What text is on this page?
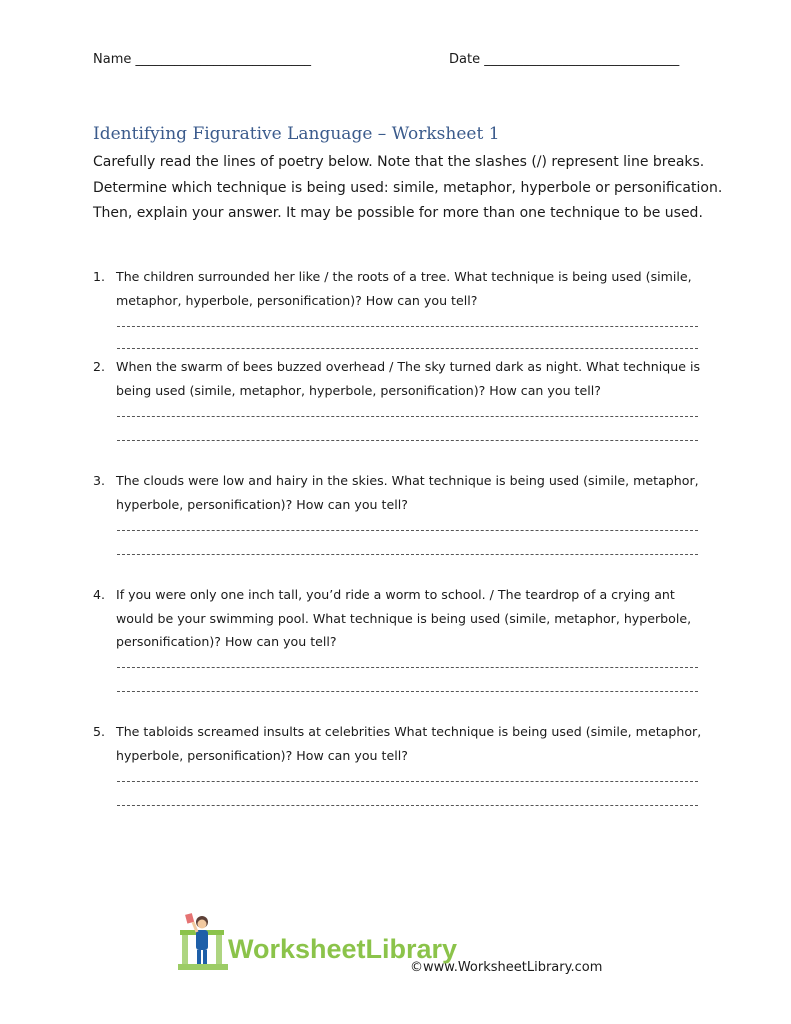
Name ___________________________	Date ______________________________
Identifying Figurative Language – Worksheet 1
Carefully read the lines of poetry below. Note that the slashes (/) represent line breaks. Determine which technique is being used: simile, metaphor, hyperbole or personification. Then, explain your answer. It may be possible for more than one technique to be used.
1. The children surrounded her like / the roots of a tree. What technique is being used (simile, metaphor, hyperbole, personification)? How can you tell?
2. When the swarm of bees buzzed overhead / The sky turned dark as night. What technique is being used (simile, metaphor, hyperbole, personification)? How can you tell?
3. The clouds were low and hairy in the skies. What technique is being used (simile, metaphor, hyperbole, personification)? How can you tell?
4. If you were only one inch tall, you’d ride a worm to school. / The teardrop of a crying ant would be your swimming pool. What technique is being used (simile, metaphor, hyperbole, personification)? How can you tell?
5. The tabloids screamed insults at celebrities What technique is being used (simile, metaphor, hyperbole, personification)? How can you tell?
WorksheetLibrary
©www.WorksheetLibrary.com
